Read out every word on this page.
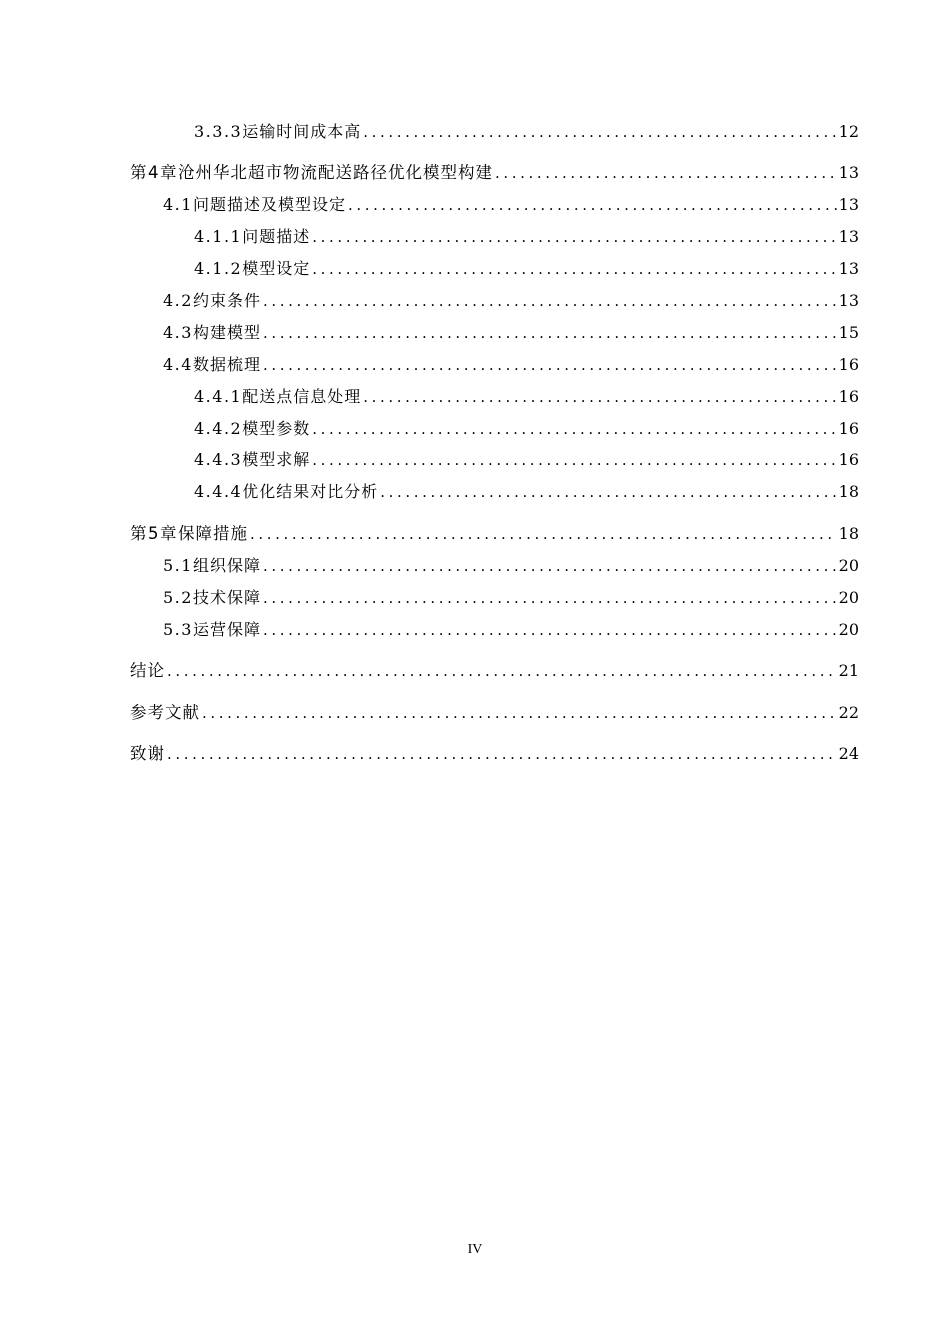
3.3.3 运输时间成本高 .....	12
第4章 沧州华北超市物流配送路径优化模型构建 .....	13
4.1 问题描述及模型设定 .....	13
4.1.1 问题描述 .....	13
4.1.2 模型设定 .....	13
4.2 约束条件 .....	13
4.3 构建模型 .....	15
4.4 数据梳理 .....	16
4.4.1 配送点信息处理 .....	16
4.4.2 模型参数 .....	16
4.4.3 模型求解 .....	16
4.4.4 优化结果对比分析 .....	18
第5章 保障措施 .....	18
5.1 组织保障 .....	20
5.2 技术保障 .....	20
5.3 运营保障 .....	20
结论 .....	21
参考文献 .....	22
致谢 .....	24
IV
